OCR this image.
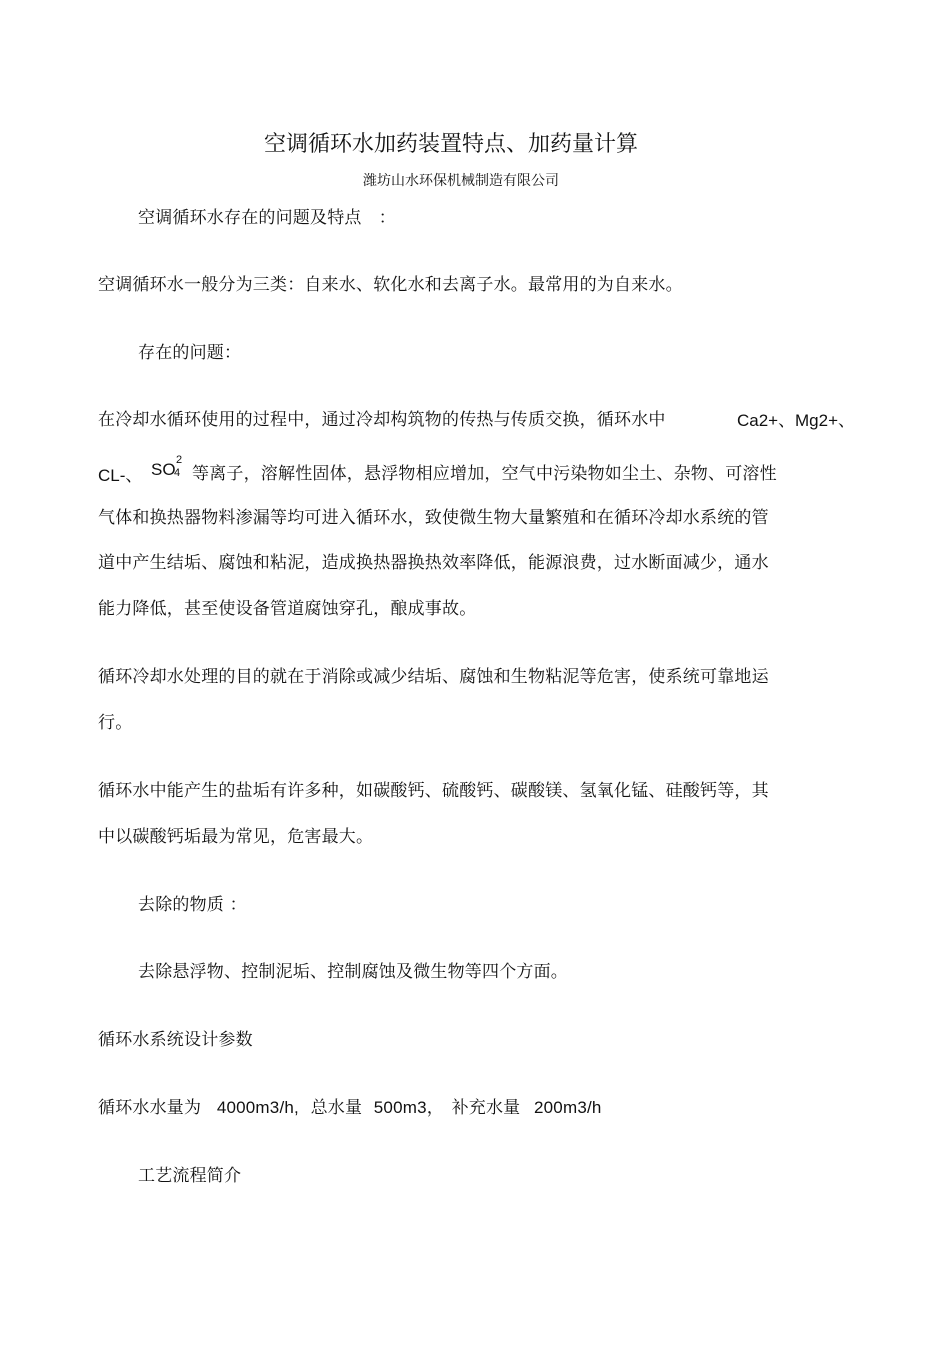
空调循环水加药装置特点、加药量计算
潍坊山水环保机械制造有限公司
空调循环水存在的问题及特点　：
空调循环水一般分为三类：自来水、软化水和去离子水。最常用的为自来水。
存在的问题：
在冷却水循环使用的过程中，通过冷却构筑物的传热与传质交换，循环水中	Ca2+、 Mg2+、
CL-、 SO
4
2
等离子，溶解性固体，悬浮物相应增加，空气中污染物如尘土、杂物、可溶性
气体和换热器物料渗漏等均可进入循环水，致使微生物大量繁殖和在循环冷却水系统的管
道中产生结垢、腐蚀和粘泥，造成换热器换热效率降低，能源浪费，过水断面减少，通水
能力降低，甚至使设备管道腐蚀穿孔，酿成事故。
循环冷却水处理的目的就在于消除或减少结垢、腐蚀和生物粘泥等危害，使系统可靠地运
行。
循环水中能产生的盐垢有许多种，如碳酸钙、硫酸钙、碳酸镁、氢氧化锰、硅酸钙等，其
中以碳酸钙垢最为常见，危害最大。
去除的物质 ：
去除悬浮物、控制泥垢、控制腐蚀及微生物等四个方面。
循环水系统设计参数
循环水水量为 4000m3/h, 总水量 500m3， 补充水量 200m3/h
工艺流程简介
